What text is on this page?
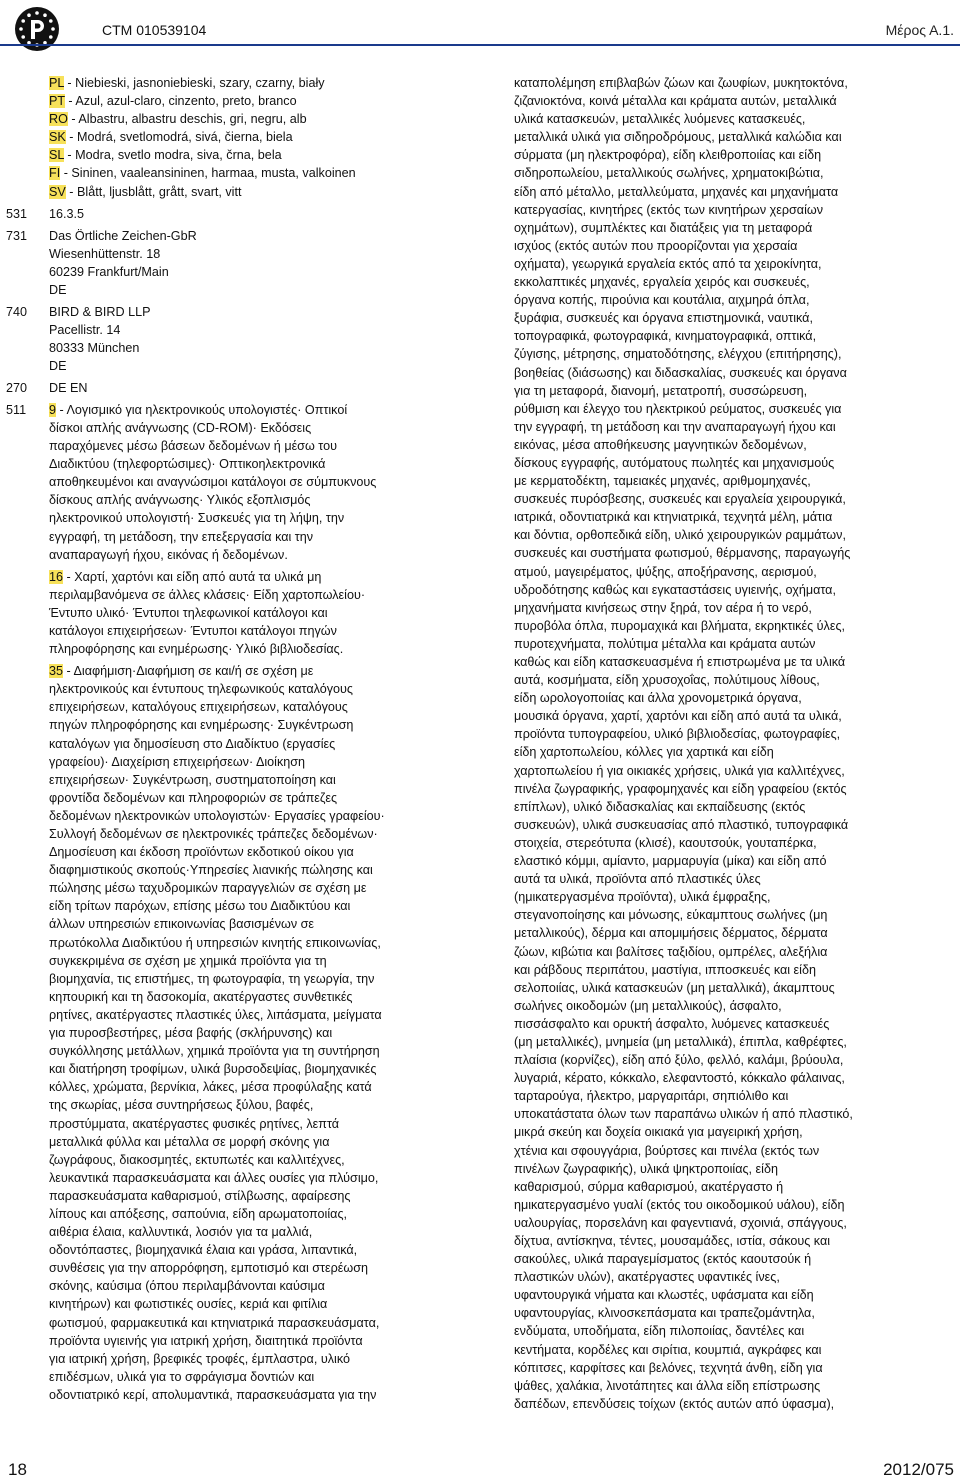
CTM 010539104	Μέρος Α.1.
PL - Niebieski, jasnoniebieski, szary, czarny, biały
PT - Azul, azul-claro, cinzento, preto, branco
RO - Albastru, albastru deschis, gri, negru, alb
SK - Modrá, svetlomodrá, sivá, čierna, biela
SL - Modra, svetlo modra, siva, črna, bela
FI - Sininen, vaaleansininen, harmaa, musta, valkoinen
SV - Blått, ljusblått, grått, svart, vitt
531 16.3.5
731 Das Örtliche Zeichen-GbR
Wiesenhüttenstr. 18
60239 Frankfurt/Main
DE
740 BIRD & BIRD LLP
Pacellistr. 14
80333 München
DE
270 DE EN
511 9 - Λογισμικό για ηλεκτρονικούς υπολογιστές· Οπτικοί
δίσκοι απλής ανάγνωσης (CD-ROM)· Εκδόσεις
παραχόμενες μέσω βάσεων δεδομένων ή μέσω του
Διαδικτύου (τηλεφορτώσιμες)· Οπτικοηλεκτρονικά
αποθηκευμένοι και αναγνώσιμοι κατάλογοι σε σύμπυκνους
δίσκους απλής ανάγνωσης· Υλικός εξοπλισμός
ηλεκτρονικού υπολογιστή· Συσκευές για τη λήψη, την
εγγραφή, τη μετάδοση, την επεξεργασία και την
αναπαραγωγή ήχου, εικόνας ή δεδομένων.

16 - Χαρτί, χαρτόνι και είδη από αυτά τα υλικά μη
περιλαμβανόμενα σε άλλες κλάσεις· Είδη χαρτοπωλείου·
Έντυπο υλικό· Έντυποι τηλεφωνικοί κατάλογοι και
κατάλογοι επιχειρήσεων· Έντυποι κατάλογοι πηγών
πληροφόρησης και ενημέρωσης· Υλικό βιβλιοδεσίας.

35 - Διαφήμιση·Διαφήμιση σε και/ή σε σχέση με
ηλεκτρονικούς και έντυπους τηλεφωνικούς καταλόγους
επιχειρήσεων, καταλόγους επιχειρήσεων, καταλόγους
πηγών πληροφόρησης και ενημέρωσης· Συγκέντρωση
καταλόγων για δημοσίευση στο Διαδίκτυο (εργασίες
γραφείου)· Διαχείριση επιχειρήσεων· Διοίκηση
επιχειρήσεων· Συγκέντρωση, συστηματοποίηση και
φροντίδα δεδομένων και πληροφοριών σε τράπεζες
δεδομένων ηλεκτρονικών υπολογιστών· Εργασίες γραφείου·
Συλλογή δεδομένων σε ηλεκτρονικές τράπεζες δεδομένων·
Δημοσίευση και έκδοση προϊόντων εκδοτικού οίκου για
διαφημιστικούς σκοπούς·Υπηρεσίες λιανικής πώλησης και
πώλησης μέσω ταχυδρομικών παραγγελιών σε σχέση με
είδη τρίτων παρόχων, επίσης μέσω του Διαδικτύου και
άλλων υπηρεσιών επικοινωνίας βασισμένων σε
πρωτόκολλα Διαδικτύου ή υπηρεσιών κινητής επικοινωνίας,
συγκεκριμένα σε σχέση με χημικά προϊόντα για τη
βιομηχανία, τις επιστήμες, τη φωτογραφία, τη γεωργία, την
κηπουρική και τη δασοκομία, ακατέργαστες συνθετικές
ρητίνες, ακατέργαστες πλαστικές ύλες, λιπάσματα, μείγματα
για πυροσβεστήρες, μέσα βαφής (σκλήρυνσης) και
συγκόλλησης μετάλλων, χημικά προϊόντα για τη συντήρηση
και διατήρηση τροφίμων, υλικά βυρσοδεψίας, βιομηχανικές
κόλλες, χρώματα, βερνίκια, λάκες, μέσα προφύλαξης κατά
της σκωρίας, μέσα συντηρήσεως ξύλου, βαφές,
προστύμματα, ακατέργαστες φυσικές ρητίνες, λεπτά
μεταλλικά φύλλα και μέταλλα σε μορφή σκόνης για
ζωγράφους, διακοσμητές, εκτυπωτές και καλλιτέχνες,
λευκαντικά παρασκευάσματα και άλλες ουσίες για πλύσιμο,
παρασκευάσματα καθαρισμού, στίλβωσης, αφαίρεσης
λίπους και απόξεσης, σαπούνια, είδη αρωματοποιίας,
αιθέρια έλαια, καλλυντικά, λοσιόν για τα μαλλιά,
οδοντόπαστες, βιομηχανικά έλαια και γράσα, λιπαντικά,
συνθέσεις για την απορρόφηση, εμποτισμό και στερέωση
σκόνης, καύσιμα (όπου περιλαμβάνονται καύσιμα
κινητήρων) και φωτιστικές ουσίες, κεριά και φιτίλια
φωτισμού, φαρμακευτικά και κτηνιατρικά παρασκευάσματα,
προϊόντα υγιεινής για ιατρική χρήση, διαιτητικά προϊόντα
για ιατρική χρήση, βρεφικές τροφές, έμπλαστρα, υλικό
επιδέσμων, υλικά για το σφράγισμα δοντιών και
οδοντιατρικό κερί, απολυμαντικά, παρασκευάσματα για την

καταπολέμηση επιβλαβών ζώων και ζωυφίων, μυκητοκτόνα,
ζιζανιοκτόνα, κοινά μέταλλα και κράματα αυτών, μεταλλικά
υλικά κατασκευών, μεταλλικές λυόμενες κατασκευές,
μεταλλικά υλικά για σιδηροδρόμους, μεταλλικά καλώδια και
σύρματα (μη ηλεκτροφόρα), είδη κλειθροποιίας και είδη
σιδηροπωλείου, μεταλλικούς σωλήνες, χρηματοκιβώτια,
είδη από μέταλλο, μεταλλεύματα, μηχανές και μηχανήματα
κατεργασίας, κινητήρες (εκτός των κινητήρων χερσαίων
οχημάτων), συμπλέκτες και διατάξεις για τη μεταφορά
ισχύος (εκτός αυτών που προορίζονται για χερσαία
οχήματα), γεωργικά εργαλεία εκτός από τα χειροκίνητα,
εκκολαπτικές μηχανές, εργαλεία χειρός και συσκευές,
όργανα κοπής, πιρούνια και κουτάλια, αιχμηρά όπλα,
ξυράφια, συσκευές και όργανα επιστημονικά, ναυτικά,
τοπογραφικά, φωτογραφικά, κινηματογραφικά, οπτικά,
ζύγισης, μέτρησης, σηματοδότησης, ελέγχου (επιτήρησης),
βοηθείας (διάσωσης) και διδασκαλίας, συσκευές και όργανα
για τη μεταφορά, διανομή, μετατροπή, συσσώρευση,
ρύθμιση και έλεγχο του ηλεκτρικού ρεύματος, συσκευές για
την εγγραφή, τη μετάδοση και την αναπαραγωγή ήχου και
εικόνας, μέσα αποθήκευσης μαγνητικών δεδομένων,
δίσκους εγγραφής, αυτόματους πωλητές και μηχανισμούς
με κερματοδέκτη, ταμειακές μηχανές, αριθμομηχανές,
συσκευές πυρόσβεσης, συσκευές και εργαλεία χειρουργικά,
ιατρικά, οδοντιατρικά και κτηνιατρικά, τεχνητά μέλη, μάτια
και δόντια, ορθοπεδικά είδη, υλικό χειρουργικών ραμμάτων,
συσκευές και συστήματα φωτισμού, θέρμανσης, παραγωγής
ατμού, μαγειρέματος, ψύξης, αποξήρανσης, αερισμού,
υδροδότησης καθώς και εγκαταστάσεις υγιεινής, οχήματα,
μηχανήματα κινήσεως στην ξηρά, τον αέρα ή το νερό,
πυροβόλα όπλα, πυρομαχικά και βλήματα, εκρηκτικές ύλες,
πυροτεχνήματα, πολύτιμα μέταλλα και κράματα αυτών
καθώς και είδη κατασκευασμένα ή επιστρωμένα με τα υλικά
αυτά, κοσμήματα, είδη χρυσοχοΐας, πολύτιμους λίθους,
είδη ωρολογοποιίας και άλλα χρονομετρικά όργανα,
μουσικά όργανα, χαρτί, χαρτόνι και είδη από αυτά τα υλικά,
προϊόντα τυπογραφείου, υλικό βιβλιοδεσίας, φωτογραφίες,
είδη χαρτοπωλείου, κόλλες για χαρτικά και είδη
χαρτοπωλείου ή για οικιακές χρήσεις, υλικά για καλλιτέχνες,
πινέλα ζωγραφικής, γραφομηχανές και είδη γραφείου (εκτός
επίπλων), υλικό διδασκαλίας και εκπαίδευσης (εκτός
συσκευών), υλικά συσκευασίας από πλαστικό, τυπογραφικά
στοιχεία, στερεότυπα (κλισέ), καουτσούκ, γουταπέρκα,
ελαστικό κόμμι, αμίαντο, μαρμαρυγία (μίκα) και είδη από
αυτά τα υλικά, προϊόντα από πλαστικές ύλες
(ημικατεργασμένα προϊόντα), υλικά έμφραξης,
στεγανοποίησης και μόνωσης, εύκαμπτους σωλήνες (μη
μεταλλικούς), δέρμα και απομιμήσεις δέρματος, δέρματα
ζώων, κιβώτια και βαλίτσες ταξιδίου, ομπρέλες, αλεξήλια
και ράβδους περιπάτου, μαστίγια, ιπποσκευές και είδη
σελοποιίας, υλικά κατασκευών (μη μεταλλικά), άκαμπτους
σωλήνες οικοδομών (μη μεταλλικούς), άσφαλτο,
πισσάσφαλτο και ορυκτή άσφαλτο, λυόμενες κατασκευές
(μη μεταλλικές), μνημεία (μη μεταλλικά), έπιπλα, καθρέφτες,
πλαίσια (κορνίζες), είδη από ξύλο, φελλό, καλάμι, βρύουλα,
λυγαριά, κέρατο, κόκκαλο, ελεφαντοστό, κόκκαλο φάλαινας,
ταρταρούγα, ήλεκτρο, μαργαριτάρι, σηπιόλιθο και
υποκατάστατα όλων των παραπάνω υλικών ή από πλαστικό,
μικρά σκεύη και δοχεία οικιακά για μαγειρική χρήση,
χτένια και σφουγγάρια, βούρτσες και πινέλα (εκτός των
πινέλων ζωγραφικής), υλικά ψηκτροποιίας, είδη
καθαρισμού, σύρμα καθαρισμού, ακατέργαστο ή
ημικατεργασμένο γυαλί (εκτός του οικοδομικού υάλου), είδη
υαλουργίας, πορσελάνη και φαγεντιανά, σχοινιά, σπάγγους,
δίχτυα, αντίσκηνα, τέντες, μουσαμάδες, ιστία, σάκους και
σακούλες, υλικά παραγεμίσματος (εκτός καουτσούκ ή
πλαστικών υλών), ακατέργαστες υφαντικές ίνες,
υφαντουργικά νήματα και κλωστές, υφάσματα και είδη
υφαντουργίας, κλινοσκεπάσματα και τραπεζομάντηλα,
ενδύματα, υποδήματα, είδη πιλοποιίας, δαντέλες και
κεντήματα, κορδέλες και σιρίτια, κουμπιά, αγκράφες και
κόπιτσες, καρφίτσες και βελόνες, τεχνητά άνθη, είδη για
ψάθες, χαλάκια, λινοτάπητες και άλλα είδη επίστρωσης
δαπέδων, επενδύσεις τοίχων (εκτός αυτών από ύφασμα),
18	2012/075
